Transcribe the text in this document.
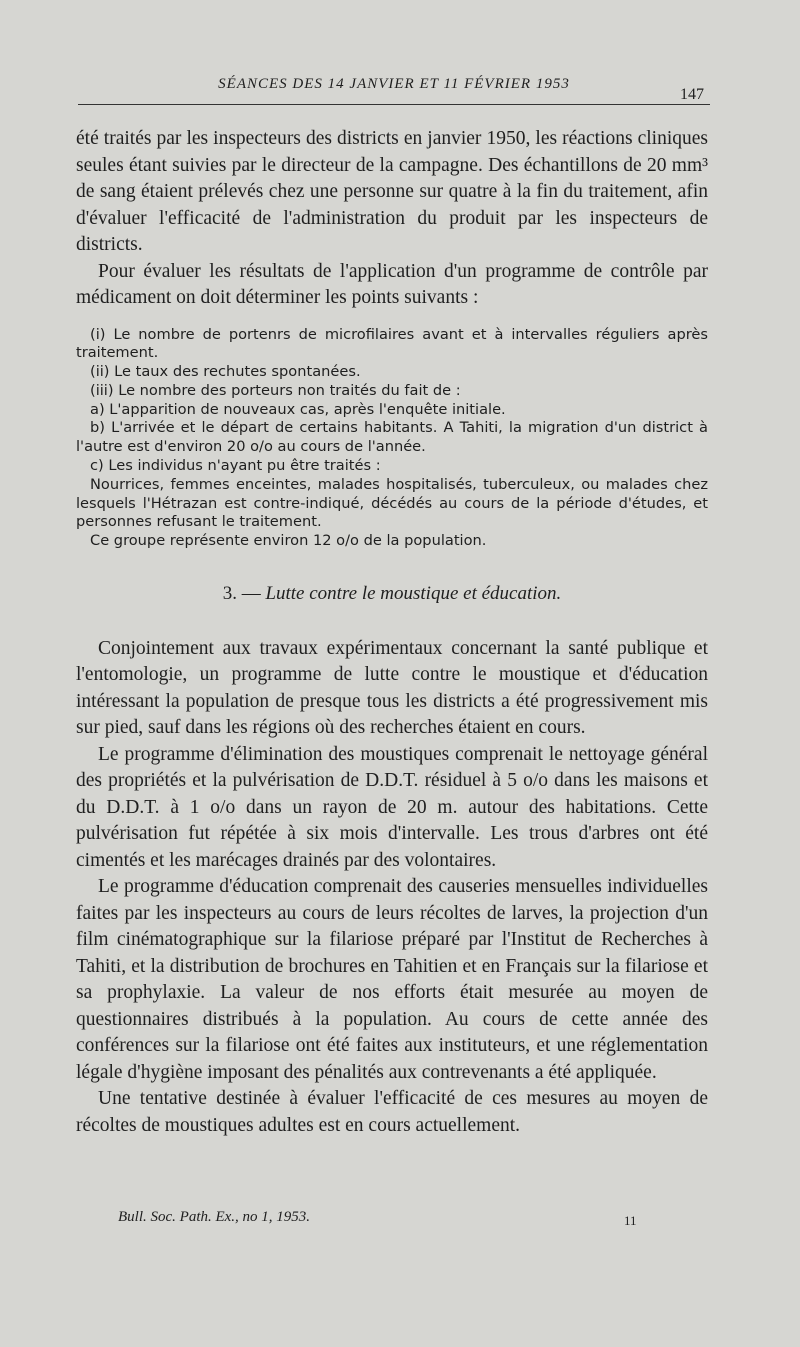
SÉANCES DES 14 JANVIER ET 11 FÉVRIER 1953
147

été traités par les inspecteurs des districts en janvier 1950, les réactions cliniques seules étant suivies par le directeur de la campagne. Des échantillons de 20 mm³ de sang étaient prélevés chez une personne sur quatre à la fin du traitement, afin d'évaluer l'efficacité de l'administration du produit par les inspecteurs de districts.

Pour évaluer les résultats de l'application d'un programme de contrôle par médicament on doit déterminer les points suivants :

(i) Le nombre de portenrs de microfilaires avant et à intervalles réguliers après traitement.
(ii) Le taux des rechutes spontanées.
(iii) Le nombre des porteurs non traités du fait de :
a) L'apparition de nouveaux cas, après l'enquête initiale.
b) L'arrivée et le départ de certains habitants. A Tahiti, la migration d'un district à l'autre est d'environ 20 o/o au cours de l'année.
c) Les individus n'ayant pu être traités :
Nourrices, femmes enceintes, malades hospitalisés, tuberculeux, ou malades chez lesquels l'Hétrazan est contre-indiqué, décédés au cours de la période d'études, et personnes refusant le traitement.
Ce groupe représente environ 12 o/o de la population.

3. — Lutte contre le moustique et éducation.

Conjointement aux travaux expérimentaux concernant la santé publique et l'entomologie, un programme de lutte contre le moustique et d'éducation intéressant la population de presque tous les districts a été progressivement mis sur pied, sauf dans les régions où des recherches étaient en cours.

Le programme d'élimination des moustiques comprenait le nettoyage général des propriétés et la pulvérisation de D.D.T. résiduel à 5 o/o dans les maisons et du D.D.T. à 1 o/o dans un rayon de 20 m. autour des habitations. Cette pulvérisation fut répétée à six mois d'intervalle. Les trous d'arbres ont été cimentés et les marécages drainés par des volontaires.

Le programme d'éducation comprenait des causeries mensuelles individuelles faites par les inspecteurs au cours de leurs récoltes de larves, la projection d'un film cinématographique sur la filariose préparé par l'Institut de Recherches à Tahiti, et la distribution de brochures en Tahitien et en Français sur la filariose et sa prophylaxie. La valeur de nos efforts était mesurée au moyen de questionnaires distribués à la population. Au cours de cette année des conférences sur la filariose ont été faites aux instituteurs, et une réglementation légale d'hygiène imposant des pénalités aux contrevenants a été appliquée.

Une tentative destinée à évaluer l'efficacité de ces mesures au moyen de récoltes de moustiques adultes est en cours actuellement.

Bull. Soc. Path. Ex., no 1, 1953.	11
